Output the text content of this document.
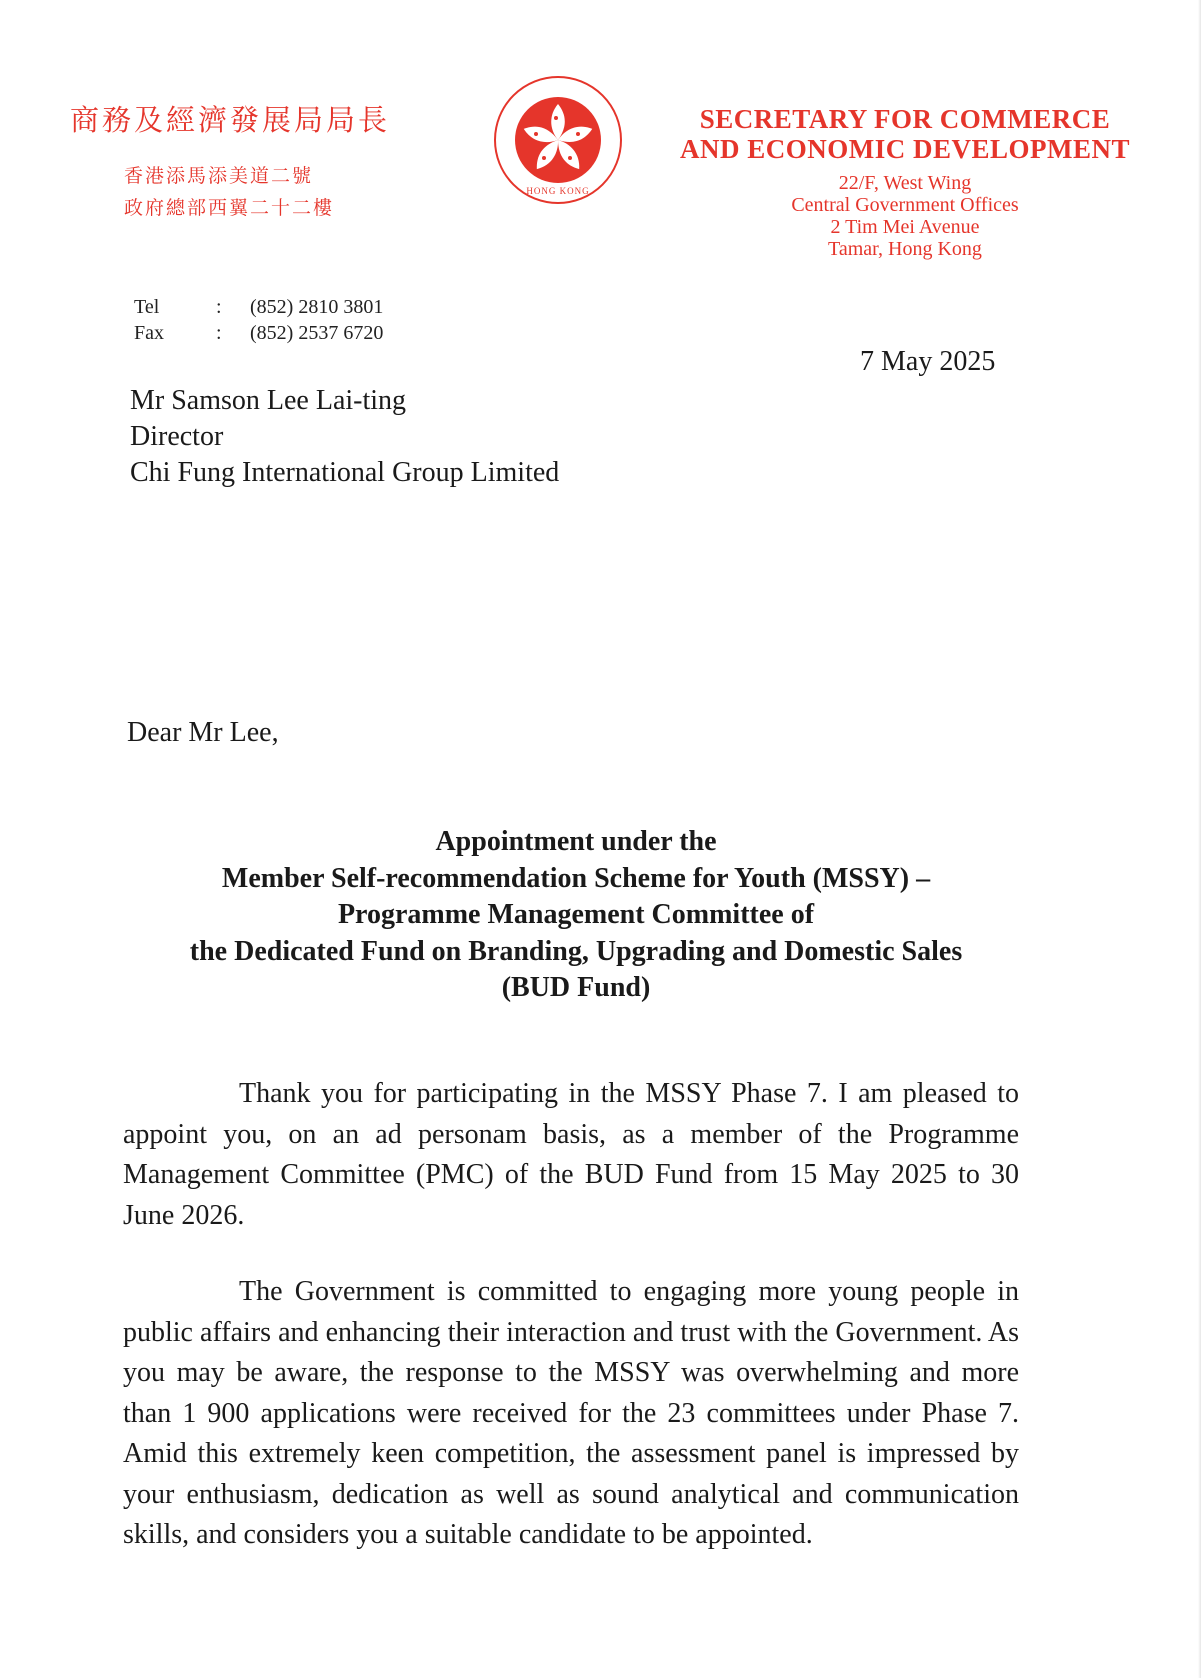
商務及經濟發展局局長
香港添馬添美道二號
政府總部西翼二十二樓
HONG KONG
SECRETARY FOR COMMERCE
AND ECONOMIC DEVELOPMENT
22/F, West Wing
Central Government Offices
2 Tim Mei Avenue
Tamar, Hong Kong
Tel	:	(852) 2810 3801
Fax	:	(852) 2537 6720
7 May 2025
Mr Samson Lee Lai-ting
Director
Chi Fung International Group Limited
Dear Mr Lee,
Appointment under the
Member Self-recommendation Scheme for Youth (MSSY) –
Programme Management Committee of
the Dedicated Fund on Branding, Upgrading and Domestic Sales
(BUD Fund)
Thank you for participating in the MSSY Phase 7. I am pleased to appoint you, on an ad personam basis, as a member of the Programme Management Committee (PMC) of the BUD Fund from 15 May 2025 to 30 June 2026.
The Government is committed to engaging more young people in public affairs and enhancing their interaction and trust with the Government. As you may be aware, the response to the MSSY was overwhelming and more than 1 900 applications were received for the 23 committees under Phase 7. Amid this extremely keen competition, the assessment panel is impressed by your enthusiasm, dedication as well as sound analytical and communication skills, and considers you a suitable candidate to be appointed.
